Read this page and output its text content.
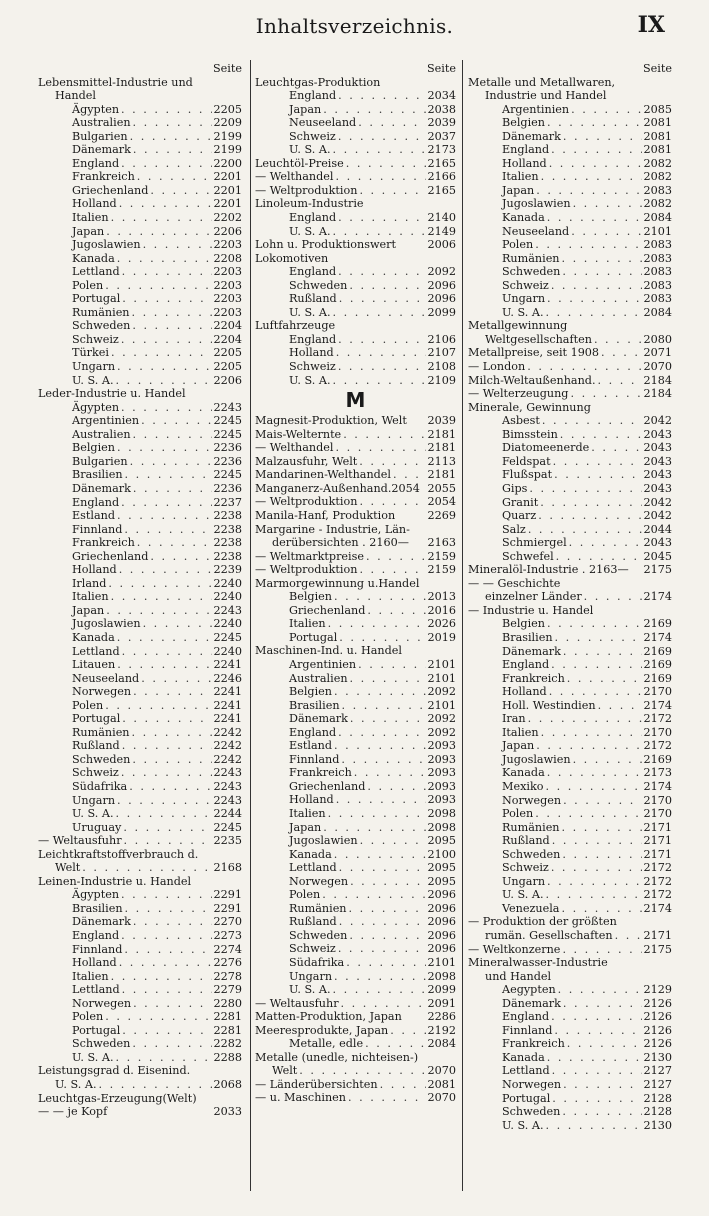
Inhaltsverzeichnis.	IX
Seite
Lebensmittel-Industrie und
Handel
Ägypten . . .	2205
Australien . . .	2209
Bulgarien . . .	2199
Dänemark . . .	2199
England . . .	2200
Frankreich . . .	2201
Griechenland . . .	2201
Holland . . .	2201
Italien . . .	2202
Japan . . .	2206
Jugoslawien . . .	2203
Kanada . . .	2208
Lettland . . .	2203
Polen . . .	2203
Portugal . . .	2203
Rumänien . . .	2203
Schweden . . .	2204
Schweiz . . .	2204
Türkei . . .	2205
Ungarn . . .	2205
U. S. A. . . .	2206
Leder-Industrie u. Handel
Ägypten . . .	2243
Argentinien . . .	2245
Australien . . .	2245
Belgien . . .	2236
Bulgarien . . .	2236
Brasilien . . .	2245
Dänemark . . .	2236
England . . .	2237
Estland . . .	2238
Finnland . . .	2238
Frankreich . . .	2238
Griechenland . . .	2238
Holland . . .	2239
Irland . . .	2240
Italien . . .	2240
Japan . . .	2243
Jugoslawien . . .	2240
Kanada . . .	2245
Lettland . . .	2240
Litauen . . .	2241
Neuseeland . . .	2246
Norwegen . . .	2241
Polen . . .	2241
Portugal . . .	2241
Rumänien . . .	2242
Rußland . . .	2242
Schweden . . .	2242
Schweiz . . .	2243
Südafrika . . .	2243
Ungarn . . .	2243
U. S. A. . . .	2244
Uruguay . . .	2245
— Weltausfuhr . . .	2235
Leichtkraftstoffverbrauch d.
Welt . . .	2168
Leinen-Industrie u. Handel
Ägypten . . .	2291
Brasilien . . .	2291
Dänemark . . .	2270
England . . .	2273
Finnland . . .	2274
Holland . . .	2276
Italien . . .	2278
Lettland . . .	2279
Norwegen . . .	2280
Polen . . .	2281
Portugal . . .	2281
Schweden . . .	2282
U. S. A. . . .	2288
Leistungsgrad d. Eisenind.
U. S. A. . . .	2068
Leuchtgas-Erzeugung(Welt)
— — je Kopf	2033
Seite
Leuchtgas-Produktion
England . . .	2034
Japan . . .	2038
Neuseeland . . .	2039
Schweiz . . .	2037
U. S. A. . . .	2173
Leuchtöl-Preise . . .	2165
— Welthandel . . .	2166
— Weltproduktion . . .	2165
Linoleum-Industrie
England . . .	2140
U. S. A. . . .	2149
Lohn u. Produktionswert	2006
Lokomotiven
England . . .	2092
Schweden . . .	2096
Rußland . . .	2096
U. S. A. . . .	2099
Luftfahrzeuge
England . . .	2106
Holland . . .	2107
Schweiz . . .	2108
U. S. A. . . .	2109
M
Magnesit-Produktion, Welt 2039
Mais-Welternte . . .	2181
— Welthandel . . .	2181
Malzausfuhr, Welt . . .	2113
Mandarinen-Welthandel . . .	2181
Manganerz-Außenhand.2054 2055
— Weltproduktion . . .	2054
Manila-Hanf, Produktion	2269
Margarine - Industrie, Län-
derübersichten . 2160— 2163
— Weltmarktpreise . . .	2159
— Weltproduktion . . .	2159
Marmorgewinnung u.Handel
Belgien . . .	2013
Griechenland . . .	2016
Italien . . .	2026
Portugal . . .	2019
Maschinen-Ind. u. Handel
Argentinien . . .	2101
Australien . . .	2101
Belgien . . .	2092
Brasilien . . .	2101
Dänemark . . .	2092
England . . .	2092
Estland . . .	2093
Finnland . . .	2093
Frankreich . . .	2093
Griechenland . . .	2093
Holland . . .	2093
Italien . . .	2098
Japan . . .	2098
Jugoslawien . . .	2095
Kanada . . .	2100
Lettland . . .	2095
Norwegen . . .	2095
Polen . . .	2096
Rumänien . . .	2096
Rußland . . .	2096
Schweden . . .	2096
Schweiz . . .	2096
Südafrika . . .	2101
Ungarn . . .	2098
U. S. A. . . .	2099
— Weltausfuhr . . .	2091
Matten-Produktion, Japan 2286
Meeresprodukte, Japan . . .	2192
Metalle, edle . . .	2084
Metalle (unedle, nichteisen-)
Welt . . .	2070
— Länderübersichten . . .	2081
— u. Maschinen . . .	2070
Seite
Metalle und Metallwaren,
Industrie und Handel
Argentinien . . .	2085
Belgien . . .	2081
Dänemark . . .	2081
England . . .	2081
Holland . . .	2082
Italien . . .	2082
Japan . . .	2083
Jugoslawien . . .	2082
Kanada . . .	2084
Neuseeland . . .	2101
Polen . . .	2083
Rumänien . . .	2083
Schweden . . .	2083
Schweiz . . .	2083
Ungarn . . .	2083
U. S. A. . . .	2084
Metallgewinnung
Weltgesellschaften . . .	2080
Metallpreise, seit 1908 . . .	2071
— London . . .	2070
Milch-Weltaußenhand. . . .	2184
— Welterzeugung . . .	2184
Minerale, Gewinnung
Asbest . . .	2042
Bimsstein . . .	2043
Diatomeenerde . . .	2043
Feldspat . . .	2043
Flußspat . . .	2043
Gips . . .	2043
Granit . . .	2042
Quarz . . .	2042
Salz . . .	2044
Schmiergel . . .	2043
Schwefel . . .	2045
Mineralöl-Industrie . 2163— 2175
— — Geschichte
einzelner Länder . . .	2174
— Industrie u. Handel
Belgien . . .	2169
Brasilien . . .	2174
Dänemark . . .	2169
England . . .	2169
Frankreich . . .	2169
Holland . . .	2170
Holl. Westindien . . .	2174
Iran . . .	2172
Italien . . .	2170
Japan . . .	2172
Jugoslawien . . .	2169
Kanada . . .	2173
Mexiko . . .	2174
Norwegen . . .	2170
Polen . . .	2170
Rumänien . . .	2171
Rußland . . .	2171
Schweden . . .	2171
Schweiz . . .	2172
Ungarn . . .	2172
U. S. A. . . .	2172
Venezuela . . .	2174
— Produktion der größten
rumän. Gesellschaften . . .	2171
— Weltkonzerne . . .	2175
Mineralwasser-Industrie
und Handel
Aegypten . . .	2129
Dänemark . . .	2126
England . . .	2126
Finnland . . .	2126
Frankreich . . .	2126
Kanada . . .	2130
Lettland . . .	2127
Norwegen . . .	2127
Portugal . . .	2128
Schweden . . .	2128
U. S. A. . . .	2130
